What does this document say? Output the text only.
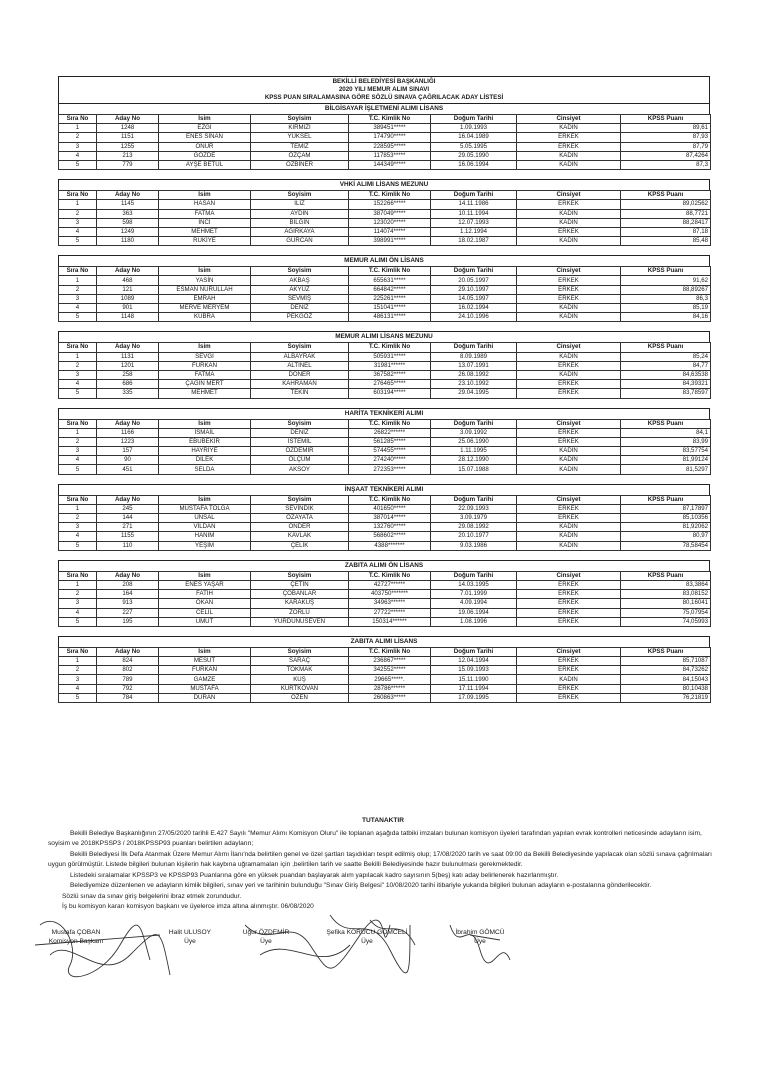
BEKİLLİ BELEDİYESİ BAŞKANLIĞI
2020 YILI MEMUR ALIM SINAVI
KPSS PUAN SIRALAMASINA GÖRE SÖZLÜ SINAVA ÇAĞRILACAK ADAY LİSTESİ
BİLGİSAYAR İŞLETMENİ ALIMI LİSANS
Sıra No	Aday No	İsim	Soyisim	T.C. Kimlik No	Doğum Tarihi	Cinsiyet	KPSS Puanı
1	1248	EZGİ	KIRMIZI	389451*****	1.09.1993	KADIN	89,61
2	1151	ENES SİNAN	YÜKSEL	174790*****	16.04.1989	ERKEK	87,93
3	1255	ONUR	TEMİZ	228595*****	5.05.1995	ERKEK	87,79
4	213	GÖZDE	ÖZÇAM	117853*****	29.05.1990	KADIN	87,4264
5	779	AYŞE BETÜL	ÖZBİNER	144349*****	16.06.1994	KADIN	87,3
VHKİ ALIMI LİSANS MEZUNU
Sıra No	Aday No	İsim	Soyisim	T.C. Kimlik No	Doğum Tarihi	Cinsiyet	KPSS Puanı
1	1145	HASAN	ILIZ	152266*****	14.11.1986	ERKEK	89,02562
2	363	FATMA	AYDIN	387049*****	10.11.1994	KADIN	88,7721
3	598	İNCİ	BİLGİN	123020*****	12.07.1993	KADIN	88,28417
4	1249	MEHMET	AĞIRKAYA	114074*****	1.12.1994	ERKEK	87,18
5	1180	RUKİYE	GÜRCAN	398991*****	18.02.1987	KADIN	85,48
MEMUR ALIMI ÖN LİSANS
Sıra No	Aday No	İsim	Soyisim	T.C. Kimlik No	Doğum Tarihi	Cinsiyet	KPSS Puanı
1	468	YASİN	AKBAŞ	655631*****	20.05.1997	ERKEK	91,62
2	121	ESMAN NURULLAH	AKYÜZ	664842*****	29.10.1997	ERKEK	88,89267
3	1089	EMRAH	SEVMİŞ	225261*****	14.05.1997	ERKEK	86,3
4	901	MERVE MERYEM	DENİZ	151041*****	16.02.1994	KADIN	85,19
5	1148	KÜBRA	PEKGÖZ	486131*****	24.10.1996	KADIN	84,16
MEMUR ALIMI LİSANS MEZUNU
Sıra No	Aday No	İsim	Soyisim	T.C. Kimlik No	Doğum Tarihi	Cinsiyet	KPSS Puanı
1	1131	SEVGİ	ALBAYRAK	505931*****	8.09.1989	KADIN	85,24
2	1201	FURKAN	ALTINEL	31981******	13.07.1991	ERKEK	84,77
3	258	FATMA	DÖNER	367582*****	26.08.1992	KADIN	84,63538
4	686	ÇAĞIN MERT	KAHRAMAN	276465*****	23.10.1992	ERKEK	84,39321
5	335	MEHMET	TEKİN	603194*****	29.04.1995	ERKEK	83,78597
HARİTA TEKNİKERİ ALIMI
Sıra No	Aday No	İsim	Soyisim	T.C. Kimlik No	Doğum Tarihi	Cinsiyet	KPSS Puanı
1	1166	İSMAİL	DENİZ	26822******	3.09.1992	ERKEK	84,1
2	1223	EBUBEKİR	İSTEMİL	561285*****	25.06.1990	ERKEK	83,99
3	157	HAYRİYE	ÖZDEMİR	574455*****	1.11.1995	KADIN	83,57754
4	90	DİLEK	ÖLÇÜM	274240*****	28.12.1990	KADIN	81,99124
5	451	SELDA	AKSOY	272353*****	15.07.1988	KADIN	81,5297
İNŞAAT TEKNİKERİ ALIMI
Sıra No	Aday No	İsim	Soyisim	T.C. Kimlik No	Doğum Tarihi	Cinsiyet	KPSS Puanı
1	245	MUSTAFA TOLGA	SEVİNDİK	401650*****	22.09.1993	ERKEK	87,17897
2	144	ÜNSAL	ÖZAYATA	387014*****	3.09.1979	ERKEK	85,10356
3	271	VİLDAN	ÖNDER	132760*****	29.08.1992	KADIN	81,92062
4	1155	HANIM	KAVLAK	568602*****	20.10.1977	KADIN	80,97
5	110	YEŞİM	ÇELİK	4388*******	9.03.1986	KADIN	78,58454
ZABITA ALIMI ÖN LİSANS
Sıra No	Aday No	İsim	Soyisim	T.C. Kimlik No	Doğum Tarihi	Cinsiyet	KPSS Puanı
1	208	ENES YAŞAR	ÇETİN	42727******	14.03.1995	ERKEK	83,3864
2	164	FATİH	ÇOBANLAR	403750*******	7.01.1999	ERKEK	83,08152
3	913	OKAN	KARAKUŞ	34963******	4.09.1994	ERKEK	80,16041
4	227	CELİL	ZORLU	27722******	19.06.1994	ERKEK	75,07954
5	195	UMUT	YURDUNUSEVEN	150314******	1.08.1996	ERKEK	74,05993
ZABITA ALIMI LİSANS
Sıra No	Aday No	İsim	Soyisim	T.C. Kimlik No	Doğum Tarihi	Cinsiyet	KPSS Puanı
1	824	MESUT	SARAÇ	236867*****	12.04.1994	ERKEK	85,71087
2	802	FURKAN	TOKMAK	342552*****	15.09.1993	ERKEK	84,73262
3	789	GAMZE	KUŞ	29665*****.	15.11.1990	KADIN	84,15043
4	792	MUSTAFA	KURTKOVAN	28786******	17.11.1994	ERKEK	80,10438
5	784	DURAN	ÖZEN	260863*****	17.09.1995	ERKEK	76,21819
TUTANAKTIR

Bekilli Belediye Başkanlığının 27/05/2020 tarihli E.427 Sayılı "Memur Alımı Komisyon Oluru" ile toplanan aşağıda tatbiki imzaları bulunan komisyon üyeleri tarafından yapılan evrak kontrolleri neticesinde adayların isim, soyisim ve 2018KPSSP3 / 2018KPSSP93 puanları belirtilen adayların;

Bekilli Belediyesi İlk Defa Atanmak Üzere Memur Alımı İlanı'nda belirtilen genel ve özel şartları taşıdıkları tespit edilmiş olup; 17/08/2020 tarih ve saat 09:00 da Bekilli Belediyesinde yapılacak olan sözlü sınava çağrılmaları uygun görülmüştür. Listede bilgileri bulunan kişilerin hak kaybına uğramamaları için ,belirtilen tarih ve saatte Bekilli Belediyesinde hazır bulunulması gerekmektedir.

Listedeki sıralamalar KPSSP3 ve KPSSP93 Puanlarına göre en yüksek puandan başlayarak alım yapılacak kadro sayısının 5(beş) katı aday belirlenerek hazırlanmıştır.

Belediyemize düzenlenen ve adayların kimlik bilgileri, sınav yeri ve tarihinin bulunduğu "Sınav Giriş Belgesi" 10/08/2020 tarihi itibariyle yukarıda bilgileri bulunan adayların e-postalarına gönderilecektir.

Sözlü sınav da sınav giriş belgelerini ibraz etmek zorundudur.

İş bu komisyon kararı komisyon başkanı ve üyelerce imza altına alınmıştır. 06/08/2020

Mustafa ÇOBAN
Komisyon Başkanı
Halit ULUSOY
Üye
Uğur ÖZDEMİR
Üye
Şefika KORUCU GÖMCELİ
Üye
İbrahim GÖMCÜ
Üye
